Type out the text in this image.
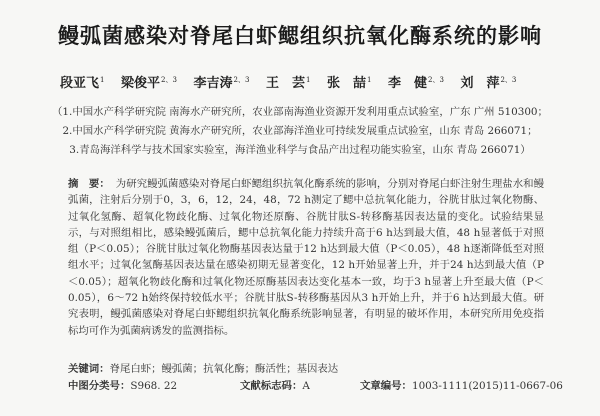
鳗弧菌感染对脊尾白虾鳃组织抗氧化酶系统的影响
段亚飞$^1$ 梁俊平$^{2、3}$ 李吉涛$^{2、3}$ 王　芸$^1$ 张　喆$^1$ 李　健$^{2、3}$ 刘　萍$^{2、3}$
（1.中国水产科学研究院 南海水产研究所，农业部南海渔业资源开发利用重点试验室，广东 广州 510300；
2.中国水产科学研究院 黄海水产研究所，农业部海洋渔业可持续发展重点试验室，山东 青岛 266071；
3.青岛海洋科学与技术国家实验室，海洋渔业科学与食品产出过程功能实验室，山东 青岛 266071）
摘　要： 为研究鳗弧菌感染对脊尾白虾鳃组织抗氧化酶系统的影响，分别对脊尾白虾注射生理盐水和鳗弧菌，注射后分别于0，3，6，12，24，48，72 h测定了鳃中总抗氧化能力，谷胱甘肽过氧化物酶、过氧化氢酶、超氧化物歧化酶、过氧化物还原酶、谷胱甘肽S-转移酶基因表达量的变化。试验结果显示，与对照组相比，感染鳗弧菌后，鳃中总抗氧化能力持续升高于6 h达到最大值，48 h显著低于对照组（P＜0.05）；谷胱甘肽过氧化物酶基因表达量于12 h达到最大值（P＜0.05），48 h逐渐降低至对照组水平；过氧化氢酶基因表达量在感染初期无显著变化，12 h开始显著上升，并于24 h达到最大值（P＜0.05）；超氧化物歧化酶和过氧化物还原酶基因表达变化基本一致，均于3 h显著上升至最大值（P＜0.05），6～72 h始终保持较低水平；谷胱甘肽S-转移酶基因从3 h开始上升，并于6 h达到最大值。研究表明，鳗弧菌感染对脊尾白虾鳃组织抗氧化酶系统影响显著，有明显的破坏作用，本研究所用免疫指标均可作为弧菌病诱发的监测指标。
关键词：脊尾白虾；鳗弧菌；抗氧化酶；酶活性；基因表达
中图分类号：S968. 22	文献标志码：A	文章编号：1003-1111(2015)11-0667-06
